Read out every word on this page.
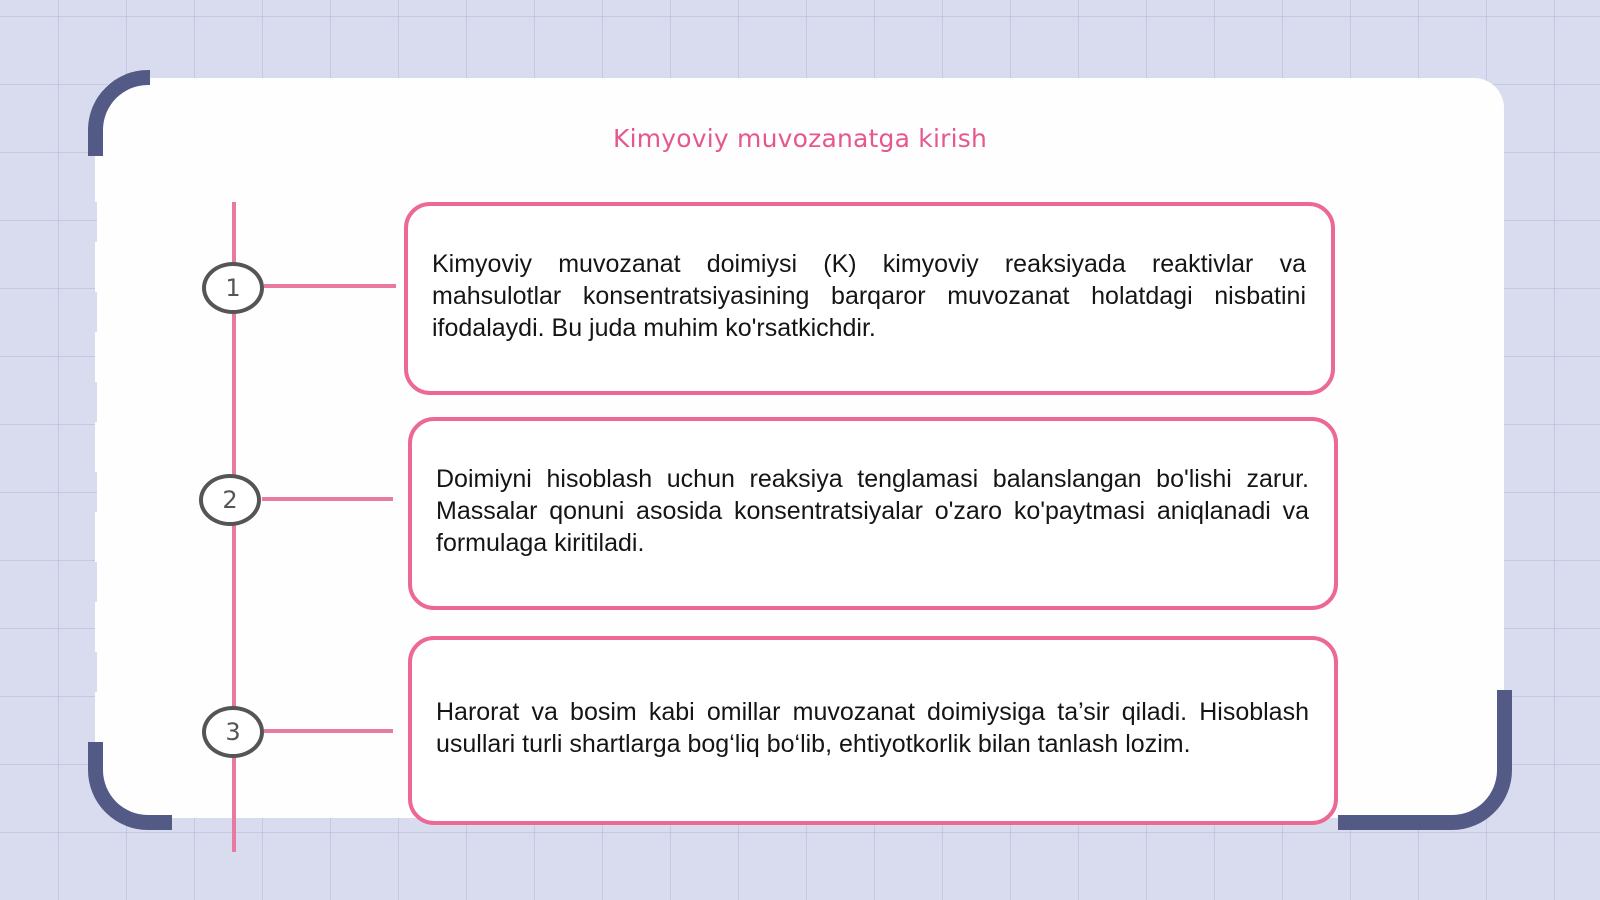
Kimyoviy muvozanatga kirish
1

Kimyoviy muvozanat doimiysi (K) kimyoviy reaksiyada reaktivlar va mahsulotlar konsentratsiyasining barqaror muvozanat holatdagi nisbatini ifodalaydi. Bu juda muhim ko'rsatkichdir.

2

Doimiyni hisoblash uchun reaksiya tenglamasi balanslangan bo'lishi zarur. Massalar qonuni asosida konsentratsiyalar o'zaro ko'paytmasi aniqlanadi va formulaga kiritiladi.

3

Harorat va bosim kabi omillar muvozanat doimiysiga ta’sir qiladi. Hisoblash usullari turli shartlarga bog‘liq bo‘lib, ehtiyotkorlik bilan tanlash lozim.
